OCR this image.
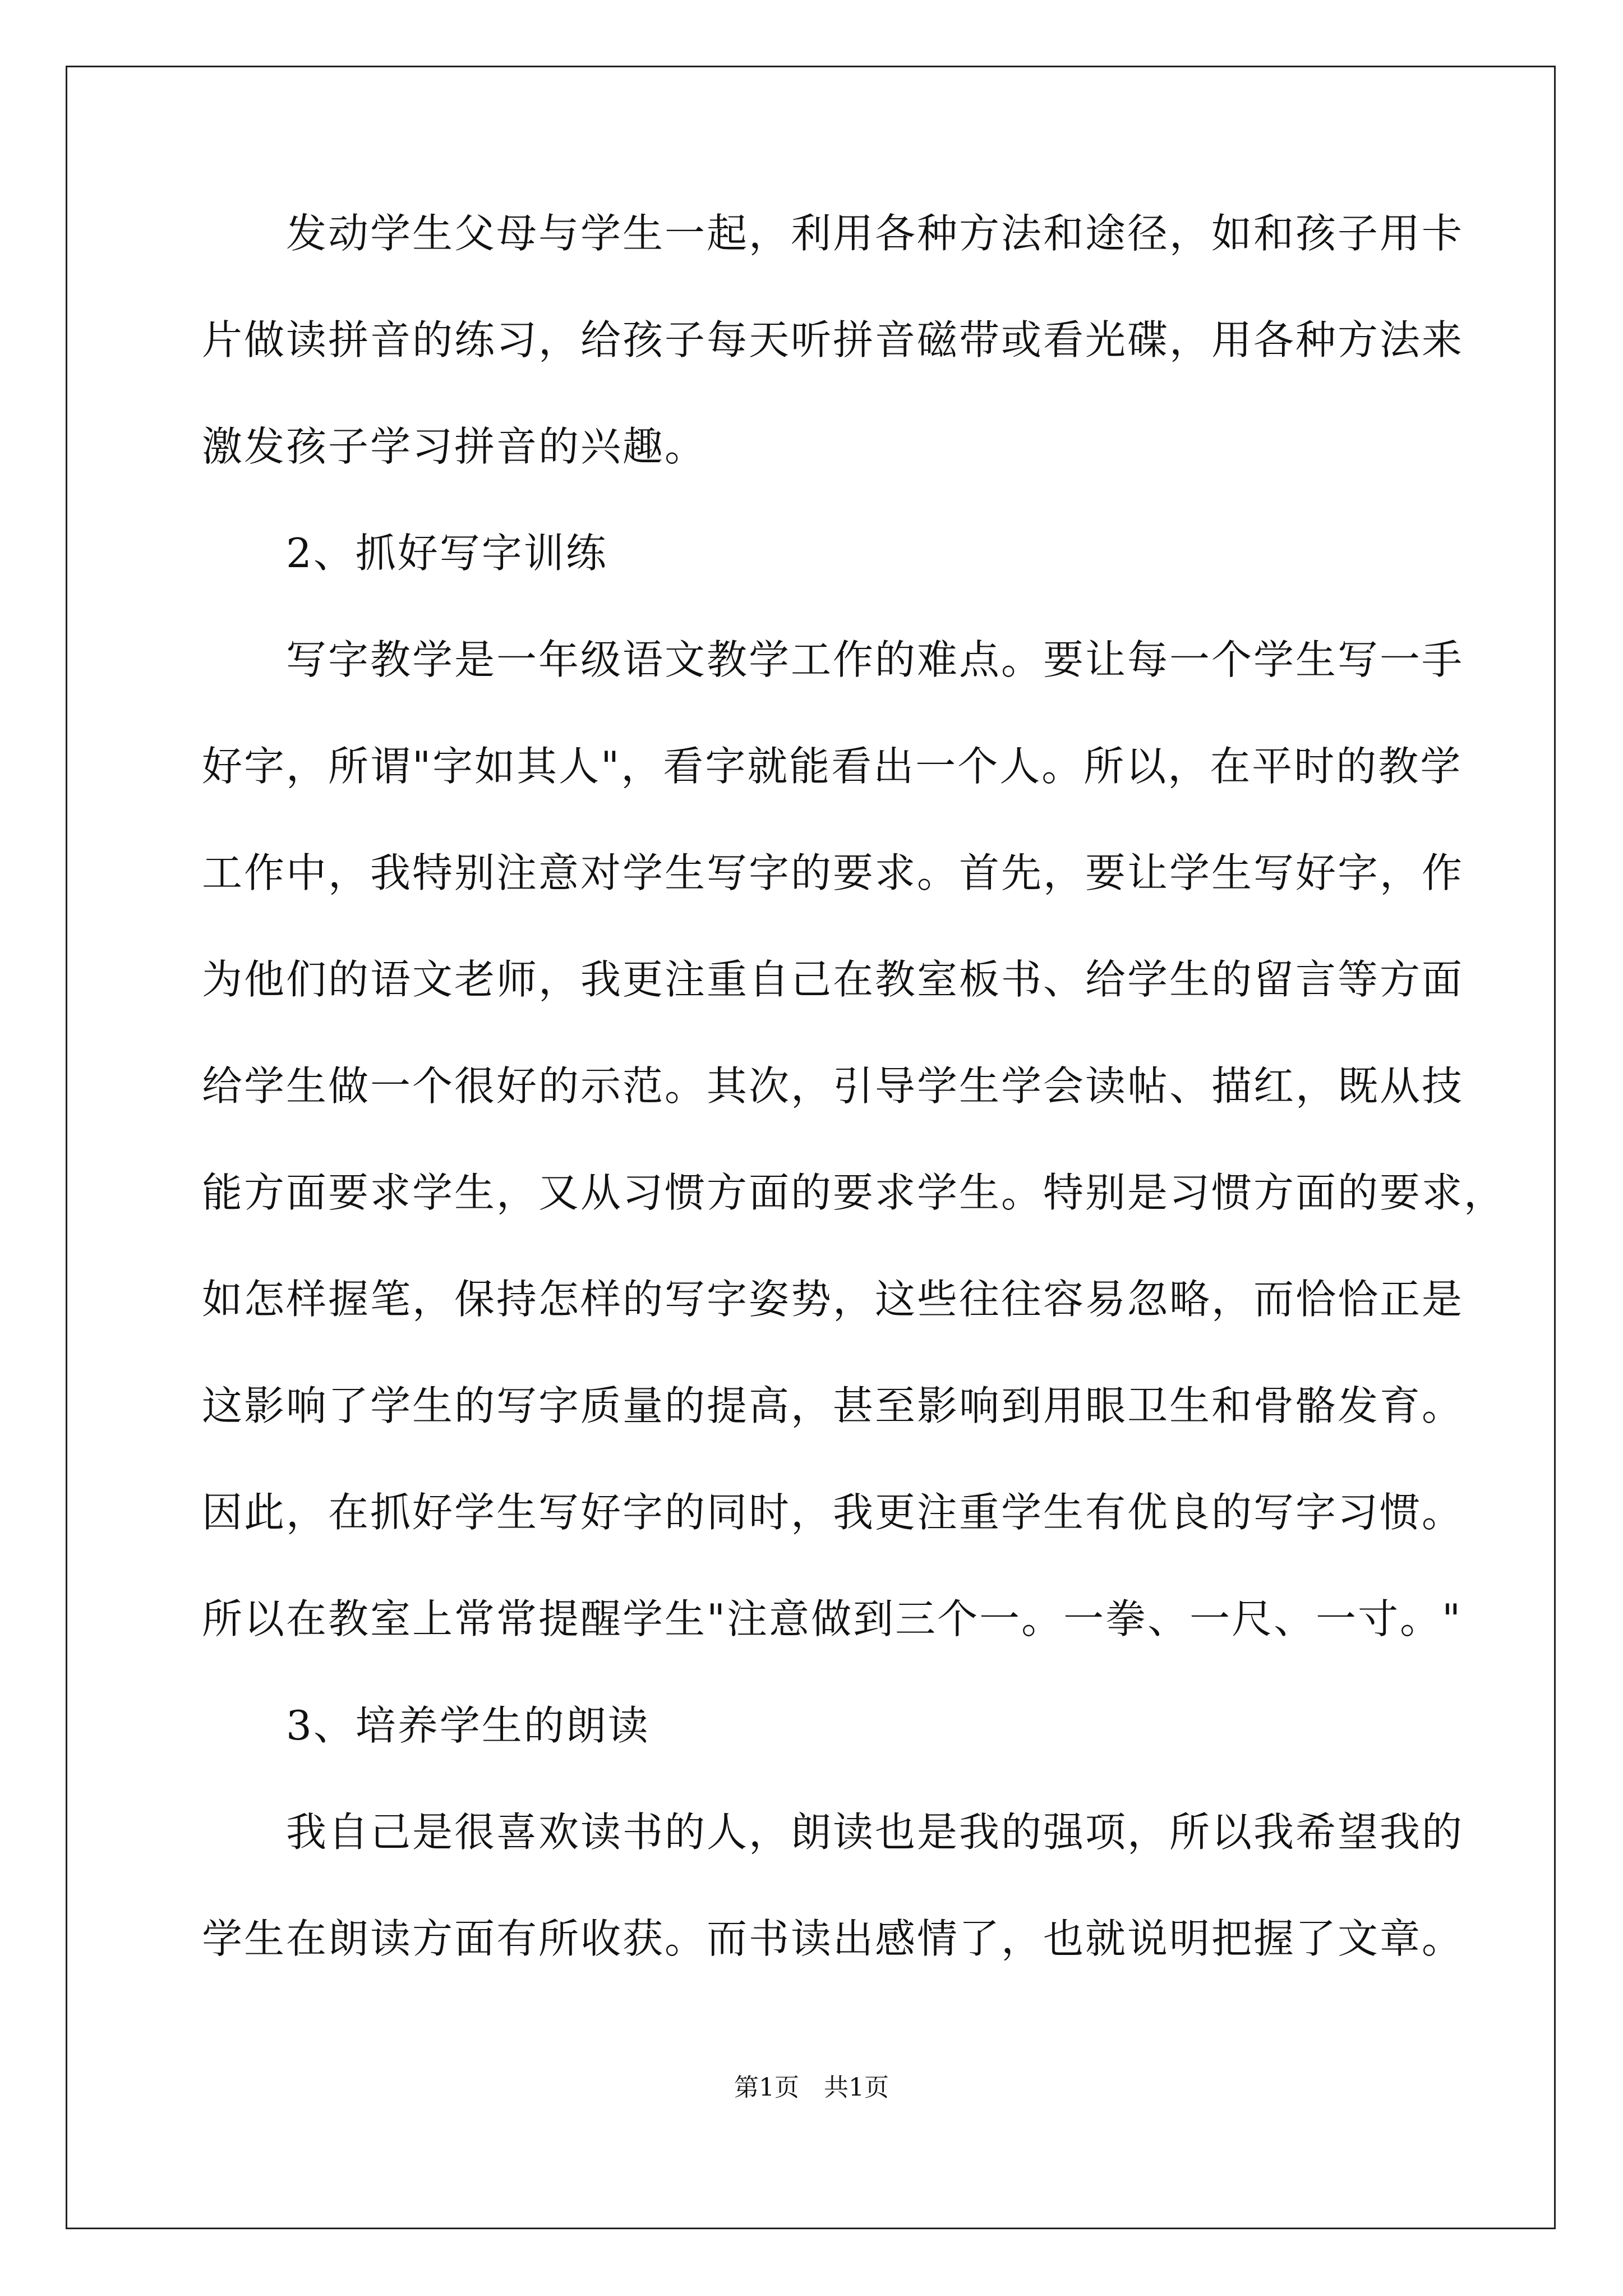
　　发动学生父母与学生一起，利用各种方法和途径，如和孩子用卡
片做读拼音的练习，给孩子每天听拼音磁带或看光碟，用各种方法来
激发孩子学习拼音的兴趣。
　　2、抓好写字训练
　　写字教学是一年级语文教学工作的难点。要让每一个学生写一手
好字，所谓"字如其人"，看字就能看出一个人。所以，在平时的教学
工作中，我特别注意对学生写字的要求。首先，要让学生写好字，作
为他们的语文老师，我更注重自己在教室板书、给学生的留言等方面
给学生做一个很好的示范。其次，引导学生学会读帖、描红，既从技
能方面要求学生，又从习惯方面的要求学生。特别是习惯方面的要求，
如怎样握笔，保持怎样的写字姿势，这些往往容易忽略，而恰恰正是
这影响了学生的写字质量的提高，甚至影响到用眼卫生和骨骼发育。
因此，在抓好学生写好字的同时，我更注重学生有优良的写字习惯。
所以在教室上常常提醒学生"注意做到三个一。一拳、一尺、一寸。"
　　3、培养学生的朗读
　　我自己是很喜欢读书的人，朗读也是我的强项，所以我希望我的
学生在朗读方面有所收获。而书读出感情了，也就说明把握了文章。
第1页　共1页
